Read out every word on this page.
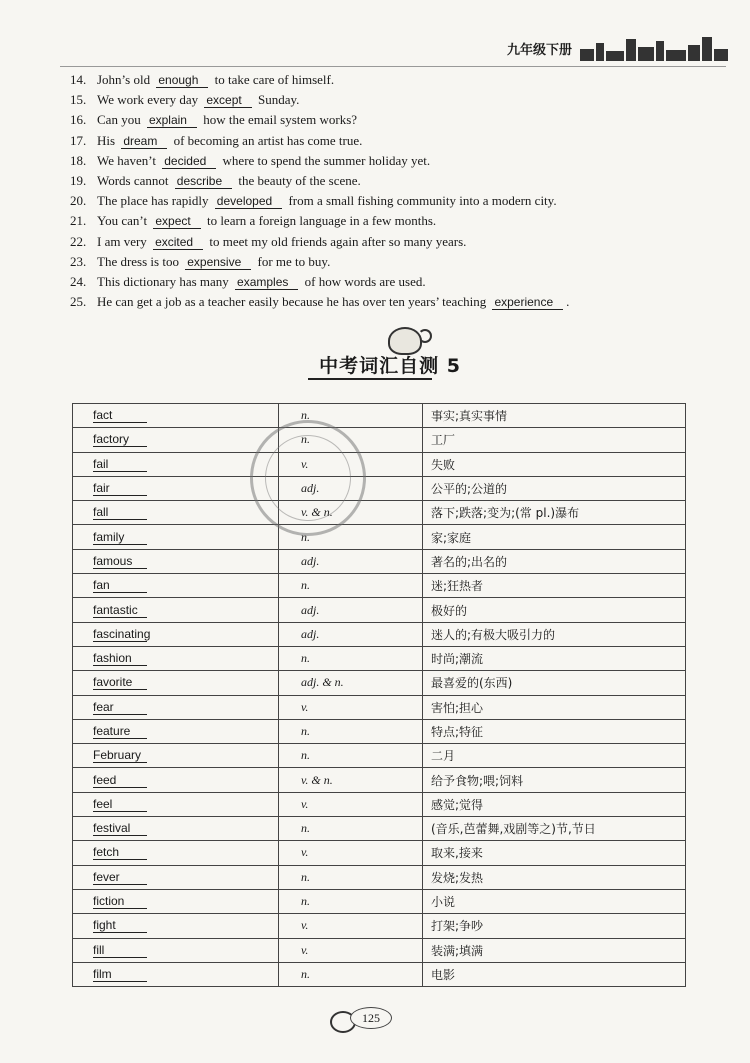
九年级下册
14. John’s old enough to take care of himself.
15. We work every day except Sunday.
16. Can you explain how the email system works?
17. His dream of becoming an artist has come true.
18. We haven’t decided where to spend the summer holiday yet.
19. Words cannot describe the beauty of the scene.
20. The place has rapidly developed from a small fishing community into a modern city.
21. You can’t expect to learn a foreign language in a few months.
22. I am very excited to meet my old friends again after so many years.
23. The dress is too expensive for me to buy.
24. This dictionary has many examples of how words are used.
25. He can get a job as a teacher easily because he has over ten years’ teaching experience .
中考词汇自测 5
fact	n.	事实;真实事情
factory	n.	工厂
fail	v.	失败
fair	adj.	公平的;公道的
fall	v. & n.	落下;跌落;变为;(常 pl.)瀑布
family	n.	家;家庭
famous	adj.	著名的;出名的
fan	n.	迷;狂热者
fantastic	adj.	极好的
fascinating	adj.	迷人的;有极大吸引力的
fashion	n.	时尚;潮流
favorite	adj. & n.	最喜爱的(东西)
fear	v.	害怕;担心
feature	n.	特点;特征
February	n.	二月
feed	v. & n.	给予食物;喂;饲料
feel	v.	感觉;觉得
festival	n.	(音乐,芭蕾舞,戏剧等之)节,节日
fetch	v.	取来,接来
fever	n.	发烧;发热
fiction	n.	小说
fight	v.	打架;争吵
fill	v.	装满;填满
film	n.	电影
125
